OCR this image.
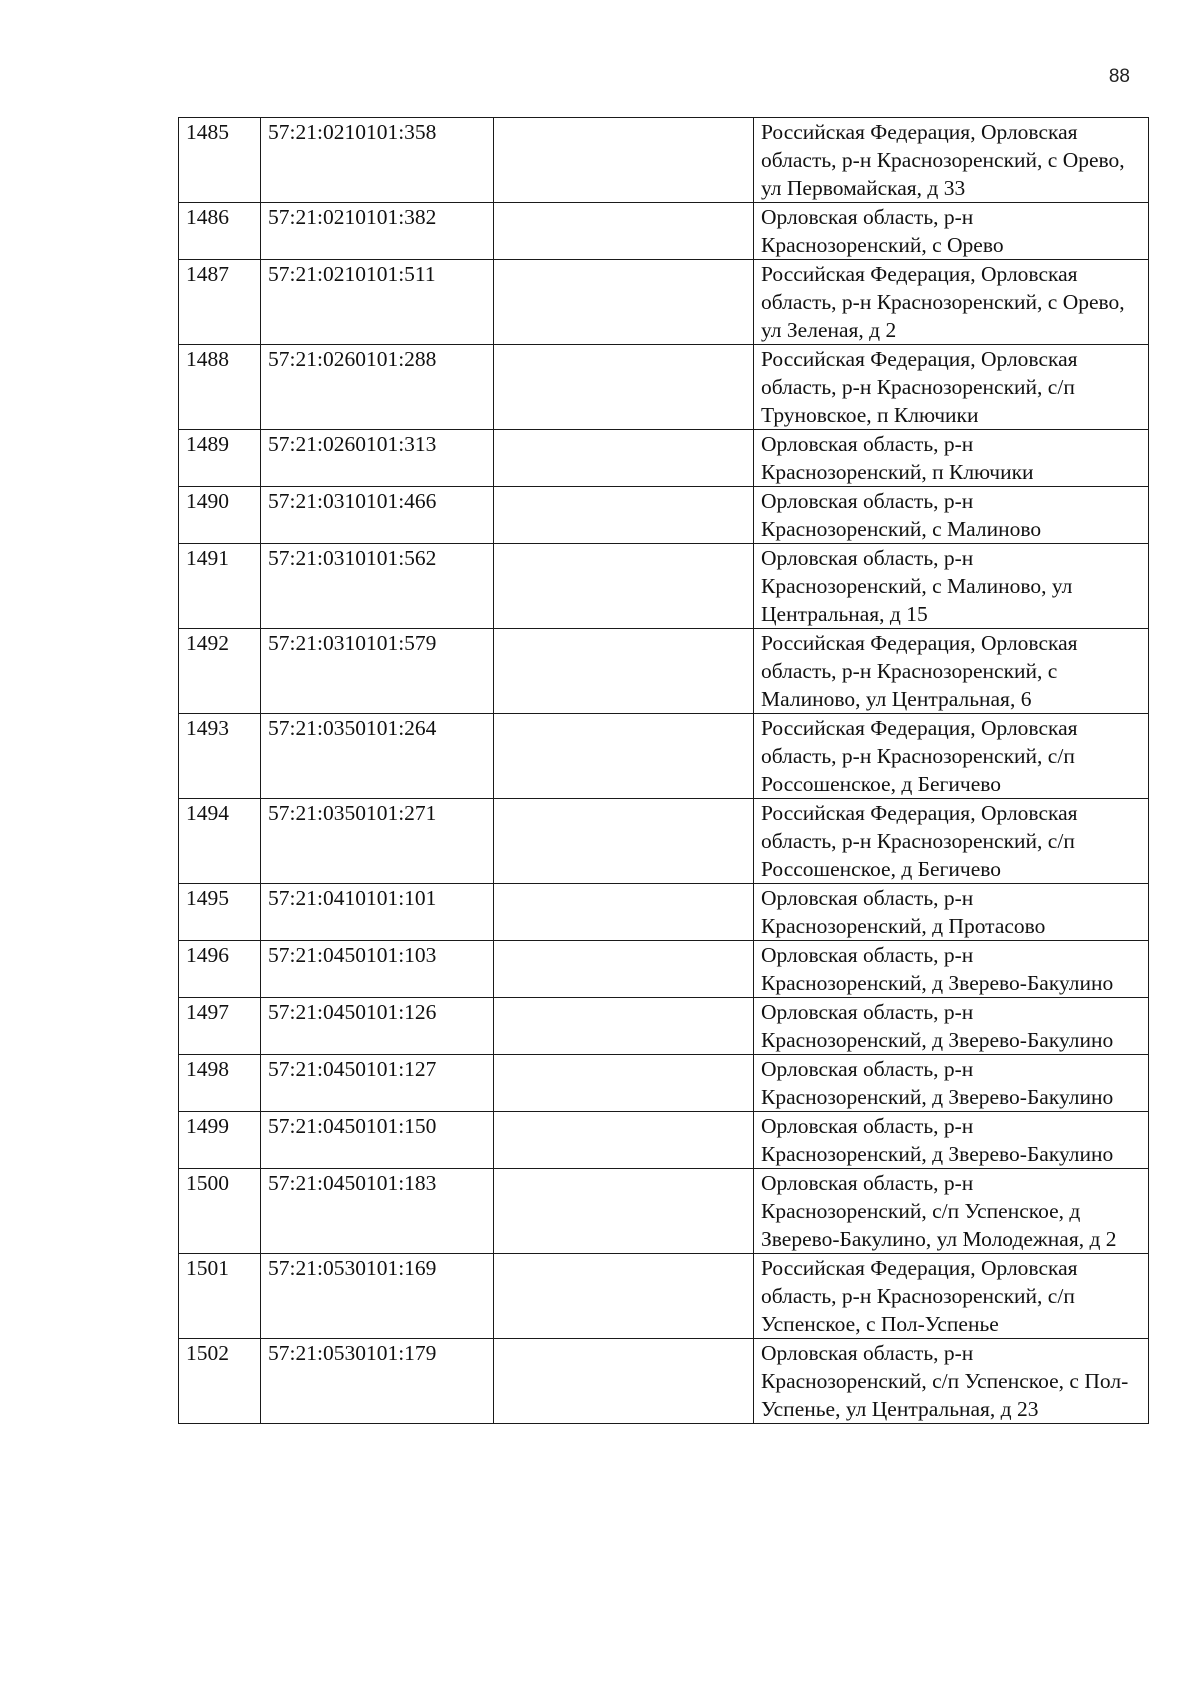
88
1485	57:21:0210101:358		Российская Федерация, Орловская область, р-н Краснозоренский, с Орево, ул Первомайская, д 33
1486	57:21:0210101:382		Орловская область, р-н Краснозоренский, с Орево
1487	57:21:0210101:511		Российская Федерация, Орловская область, р-н Краснозоренский, с Орево, ул Зеленая, д 2
1488	57:21:0260101:288		Российская Федерация, Орловская область, р-н Краснозоренский, с/п Труновское, п Ключики
1489	57:21:0260101:313		Орловская область, р-н Краснозоренский, п Ключики
1490	57:21:0310101:466		Орловская область, р-н Краснозоренский, с Малиново
1491	57:21:0310101:562		Орловская область, р-н Краснозоренский, с Малиново, ул Центральная, д 15
1492	57:21:0310101:579		Российская Федерация, Орловская область, р-н Краснозоренский, с Малиново, ул Центральная, 6
1493	57:21:0350101:264		Российская Федерация, Орловская область, р-н Краснозоренский, с/п Россошенское, д Бегичево
1494	57:21:0350101:271		Российская Федерация, Орловская область, р-н Краснозоренский, с/п Россошенское, д Бегичево
1495	57:21:0410101:101		Орловская область, р-н Краснозоренский, д Протасово
1496	57:21:0450101:103		Орловская область, р-н Краснозоренский, д Зверево-Бакулино
1497	57:21:0450101:126		Орловская область, р-н Краснозоренский, д Зверево-Бакулино
1498	57:21:0450101:127		Орловская область, р-н Краснозоренский, д Зверево-Бакулино
1499	57:21:0450101:150		Орловская область, р-н Краснозоренский, д Зверево-Бакулино
1500	57:21:0450101:183		Орловская область, р-н Краснозоренский, с/п Успенское, д Зверево-Бакулино, ул Молодежная, д 2
1501	57:21:0530101:169		Российская Федерация, Орловская область, р-н Краснозоренский, с/п Успенское, с Пол-Успенье
1502	57:21:0530101:179		Орловская область, р-н Краснозоренский, с/п Успенское, с Пол-Успенье, ул Центральная, д 23
